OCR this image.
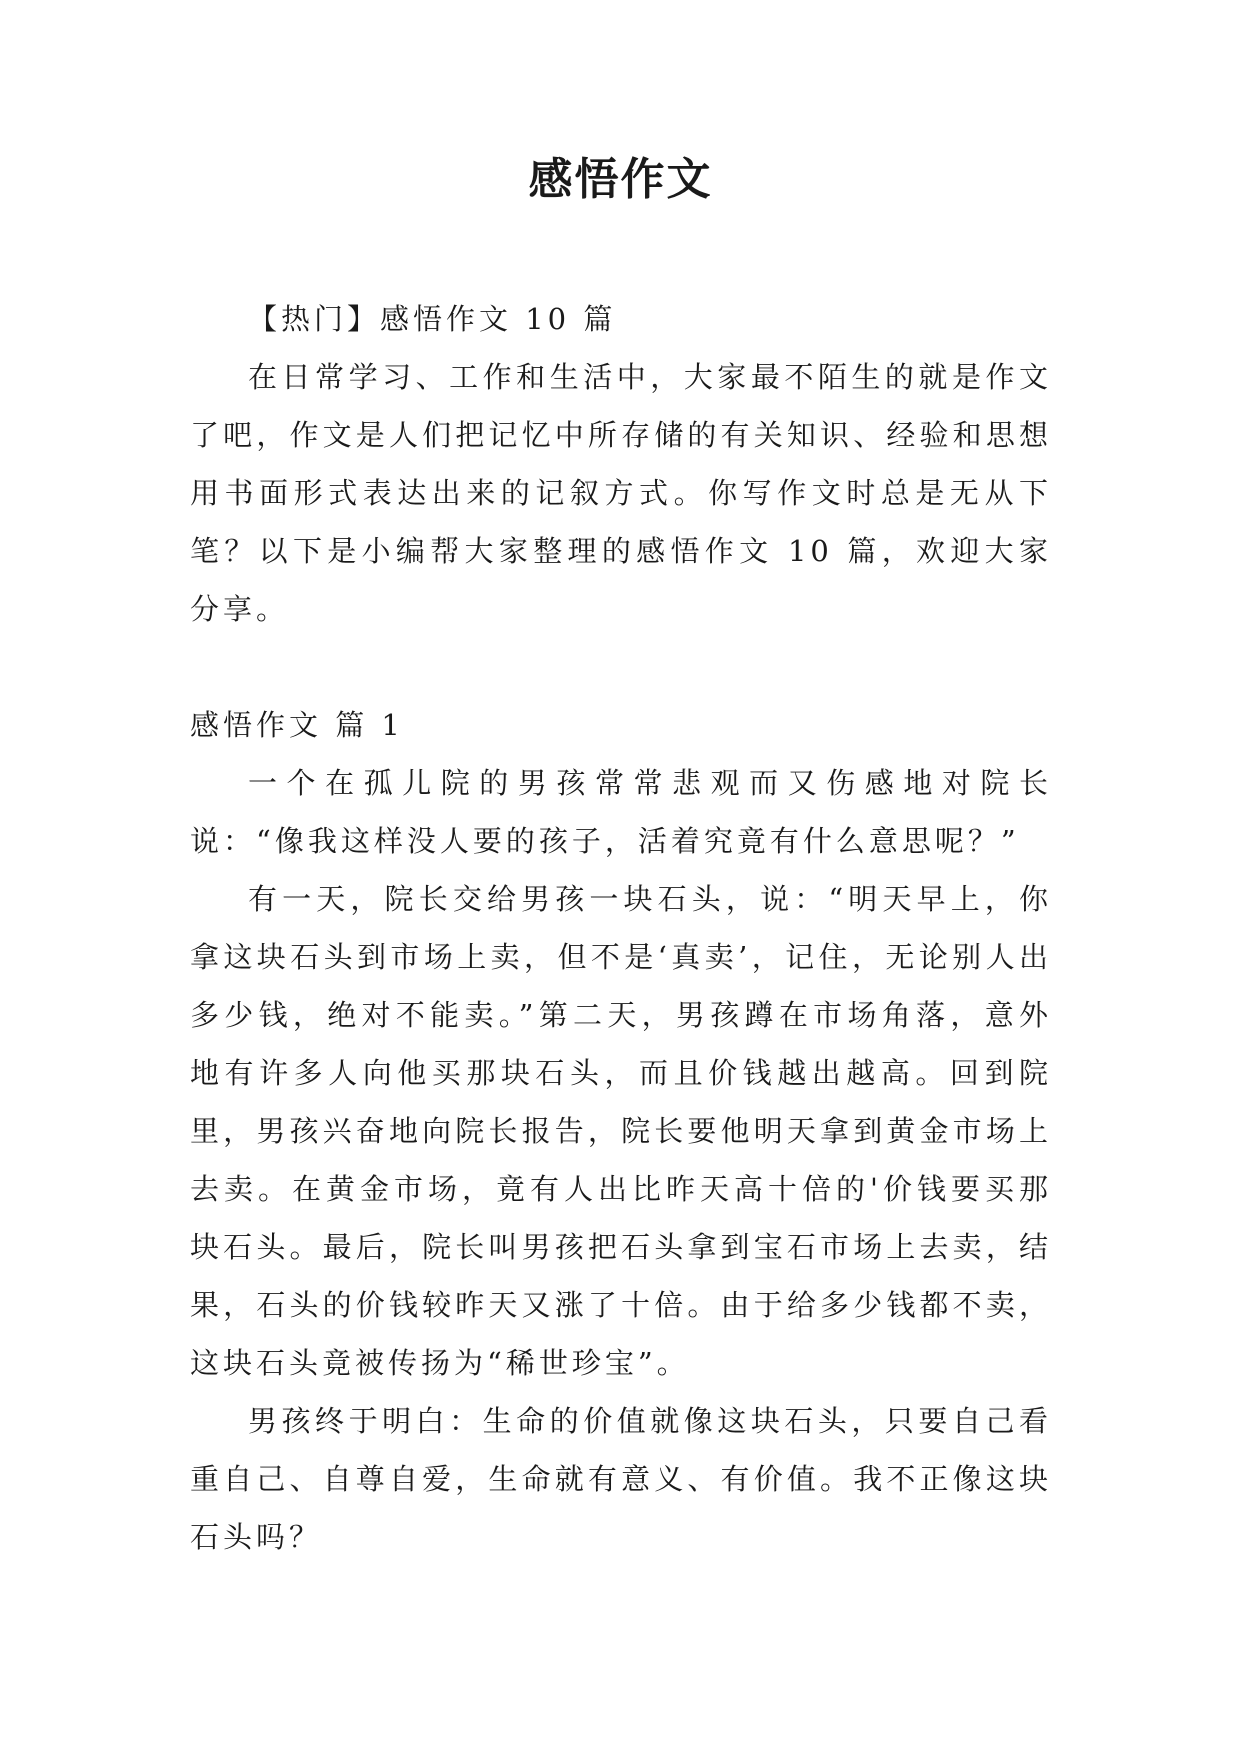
感悟作文

【热门】感悟作文 10 篇

在日常学习、工作和生活中，大家最不陌生的就是作文了吧，作文是人们把记忆中所存储的有关知识、经验和思想用书面形式表达出来的记叙方式。你写作文时总是无从下笔？以下是小编帮大家整理的感悟作文 10 篇，欢迎大家分享。

感悟作文 篇 1

一个在孤儿院的男孩常常悲观而又伤感地对院长说：“像我这样没人要的孩子，活着究竟有什么意思呢？”

有一天，院长交给男孩一块石头，说：“明天早上，你拿这块石头到市场上卖，但不是‘真卖’，记住，无论别人出多少钱，绝对不能卖。”第二天，男孩蹲在市场角落，意外地有许多人向他买那块石头，而且价钱越出越高。回到院里，男孩兴奋地向院长报告，院长要他明天拿到黄金市场上去卖。在黄金市场，竟有人出比昨天高十倍的'价钱要买那块石头。最后，院长叫男孩把石头拿到宝石市场上去卖，结果，石头的价钱较昨天又涨了十倍。由于给多少钱都不卖，这块石头竟被传扬为“稀世珍宝”。

男孩终于明白：生命的价值就像这块石头，只要自己看重自己、自尊自爱，生命就有意义、有价值。我不正像这块石头吗？
